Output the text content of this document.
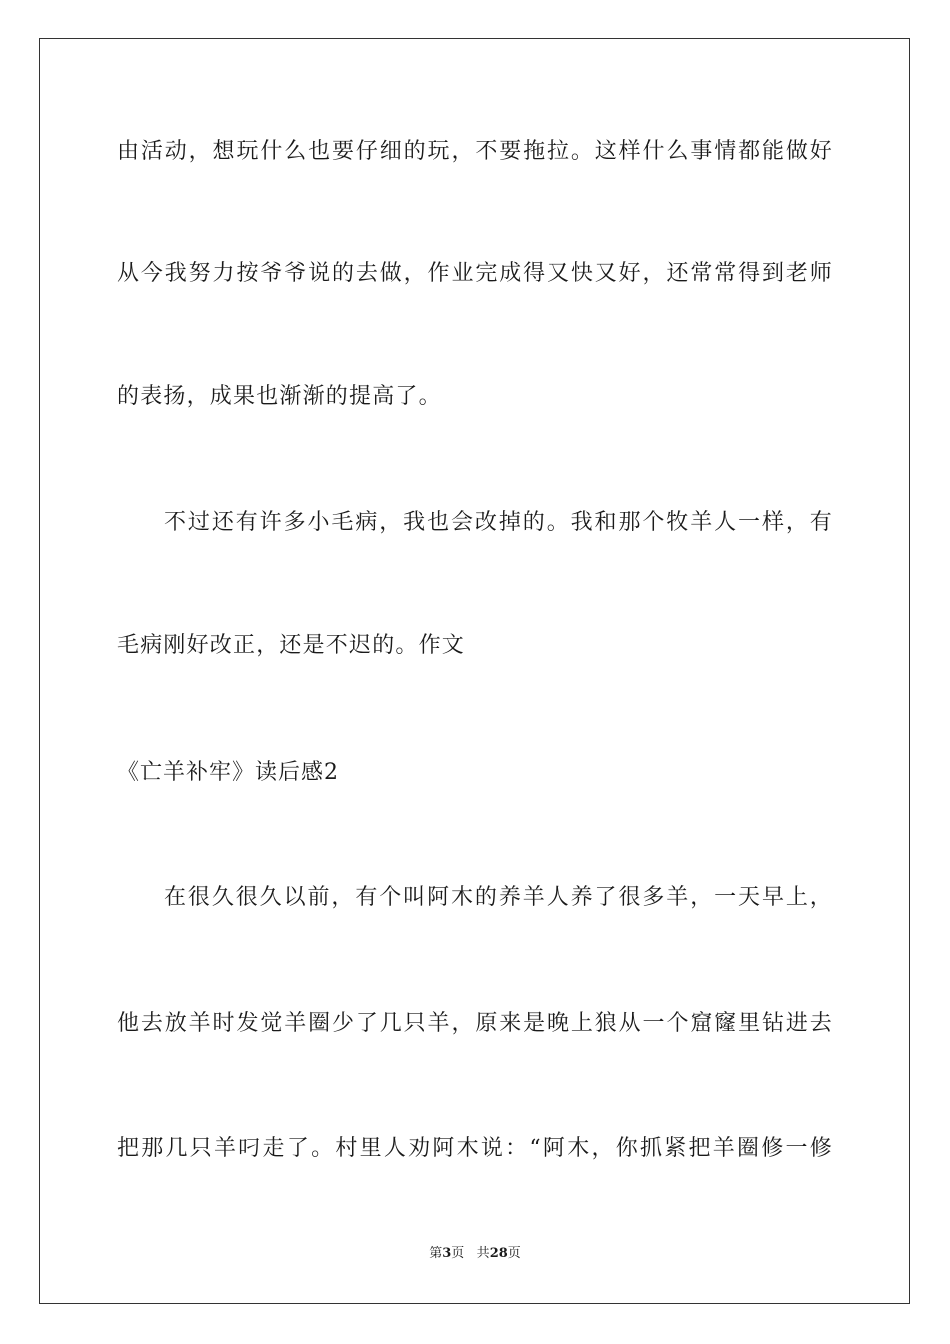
由活动，想玩什么也要仔细的玩，不要拖拉。这样什么事情都能做好
从今我努力按爷爷说的去做，作业完成得又快又好，还常常得到老师
的表扬，成果也渐渐的提高了。
不过还有许多小毛病，我也会改掉的。我和那个牧羊人一样，有
毛病刚好改正，还是不迟的。作文
《亡羊补牢》读后感2
在很久很久以前，有个叫阿木的养羊人养了很多羊，一天早上，
他去放羊时发觉羊圈少了几只羊，原来是晚上狼从一个窟窿里钻进去
把那几只羊叼走了。村里人劝阿木说：“阿木，你抓紧把羊圈修一修
第3页 共28页
